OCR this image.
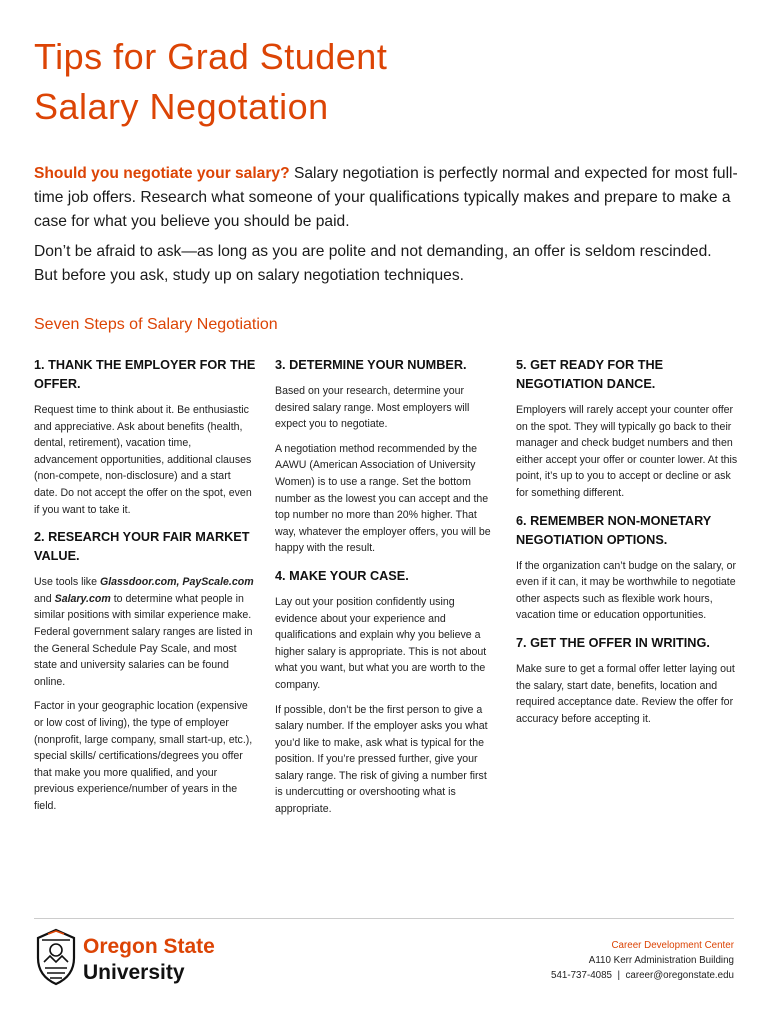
Tips for Grad Student
Salary Negotation

Should you negotiate your salary? Salary negotiation is perfectly normal and expected for most full-time job offers. Research what someone of your qualifications typically makes and prepare to make a case for what you believe you should be paid.

Don’t be afraid to ask—as long as you are polite and not demanding, an offer is seldom rescinded. But before you ask, study up on salary negotiation techniques.

Seven Steps of Salary Negotiation
1. THANK THE EMPLOYER FOR THE OFFER.

Request time to think about it. Be enthusiastic and appreciative. Ask about benefits (health, dental, retirement), vacation time, advancement opportunities, additional clauses (non-compete, non-disclosure) and a start date. Do not accept the offer on the spot, even if you want to take it.

2. RESEARCH YOUR FAIR MARKET VALUE.

Use tools like Glassdoor.com, PayScale.com and Salary.com to determine what people in similar positions with similar experience make. Federal government salary ranges are listed in the General Schedule Pay Scale, and most state and university salaries can be found online.

Factor in your geographic location (expensive or low cost of living), the type of employer (nonprofit, large company, small start-up, etc.), special skills/ certifications/degrees you offer that make you more qualified, and your previous experience/number of years in the field.

3. DETERMINE YOUR NUMBER.

Based on your research, determine your desired salary range. Most employers will expect you to negotiate.

A negotiation method recommended by the AAWU (American Association of University Women) is to use a range. Set the bottom number as the lowest you can accept and the top number no more than 20% higher. That way, whatever the employer offers, you will be happy with the result.

4. MAKE YOUR CASE.

Lay out your position confidently using evidence about your experience and qualifications and explain why you believe a higher salary is appropriate. This is not about what you want, but what you are worth to the company.

If possible, don’t be the first person to give a salary number. If the employer asks you what you’d like to make, ask what is typical for the position. If you’re pressed further, give your salary range. The risk of giving a number first is undercutting or overshooting what is appropriate.

5. GET READY FOR THE NEGOTIATION DANCE.

Employers will rarely accept your counter offer on the spot. They will typically go back to their manager and check budget numbers and then either accept your offer or counter lower. At this point, it’s up to you to accept or decline or ask for something different.

6. REMEMBER NON-MONETARY NEGOTIATION OPTIONS.

If the organization can’t budge on the salary, or even if it can, it may be worthwhile to negotiate other aspects such as flexible work hours, vacation time or education opportunities.

7. GET THE OFFER IN WRITING.

Make sure to get a formal offer letter laying out the salary, start date, benefits, location and required acceptance date. Review the offer for accuracy before accepting it.

Oregon State
University
Career Development Center
A110 Kerr Administration Building
541-737-4085 | career@oregonstate.edu
